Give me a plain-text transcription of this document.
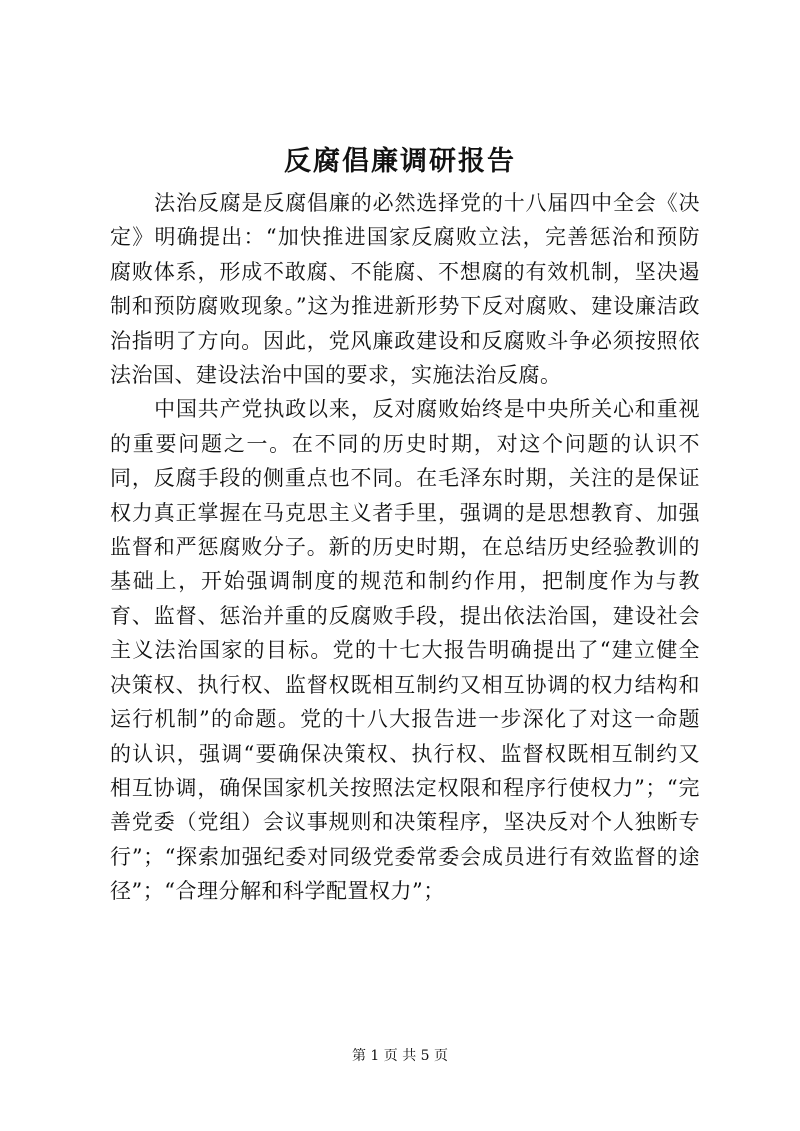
反腐倡廉调研报告

法治反腐是反腐倡廉的必然选择党的十八届四中全会《决定》明确提出：“加快推进国家反腐败立法，完善惩治和预防腐败体系，形成不敢腐、不能腐、不想腐的有效机制，坚决遏制和预防腐败现象。”这为推进新形势下反对腐败、建设廉洁政治指明了方向。因此，党风廉政建设和反腐败斗争必须按照依法治国、建设法治中国的要求，实施法治反腐。

中国共产党执政以来，反对腐败始终是中央所关心和重视的重要问题之一。在不同的历史时期，对这个问题的认识不同，反腐手段的侧重点也不同。在毛泽东时期，关注的是保证权力真正掌握在马克思主义者手里，强调的是思想教育、加强监督和严惩腐败分子。新的历史时期，在总结历史经验教训的基础上，开始强调制度的规范和制约作用，把制度作为与教育、监督、惩治并重的反腐败手段，提出依法治国，建设社会主义法治国家的目标。党的十七大报告明确提出了“建立健全决策权、执行权、监督权既相互制约又相互协调的权力结构和运行机制”的命题。党的十八大报告进一步深化了对这一命题的认识，强调“要确保决策权、执行权、监督权既相互制约又相互协调，确保国家机关按照法定权限和程序行使权力”；“完善党委（党组）会议事规则和决策程序，坚决反对个人独断专行”；“探索加强纪委对同级党委常委会成员进行有效监督的途径”；“合理分解和科学配置权力”；

第 1 页 共 5 页
